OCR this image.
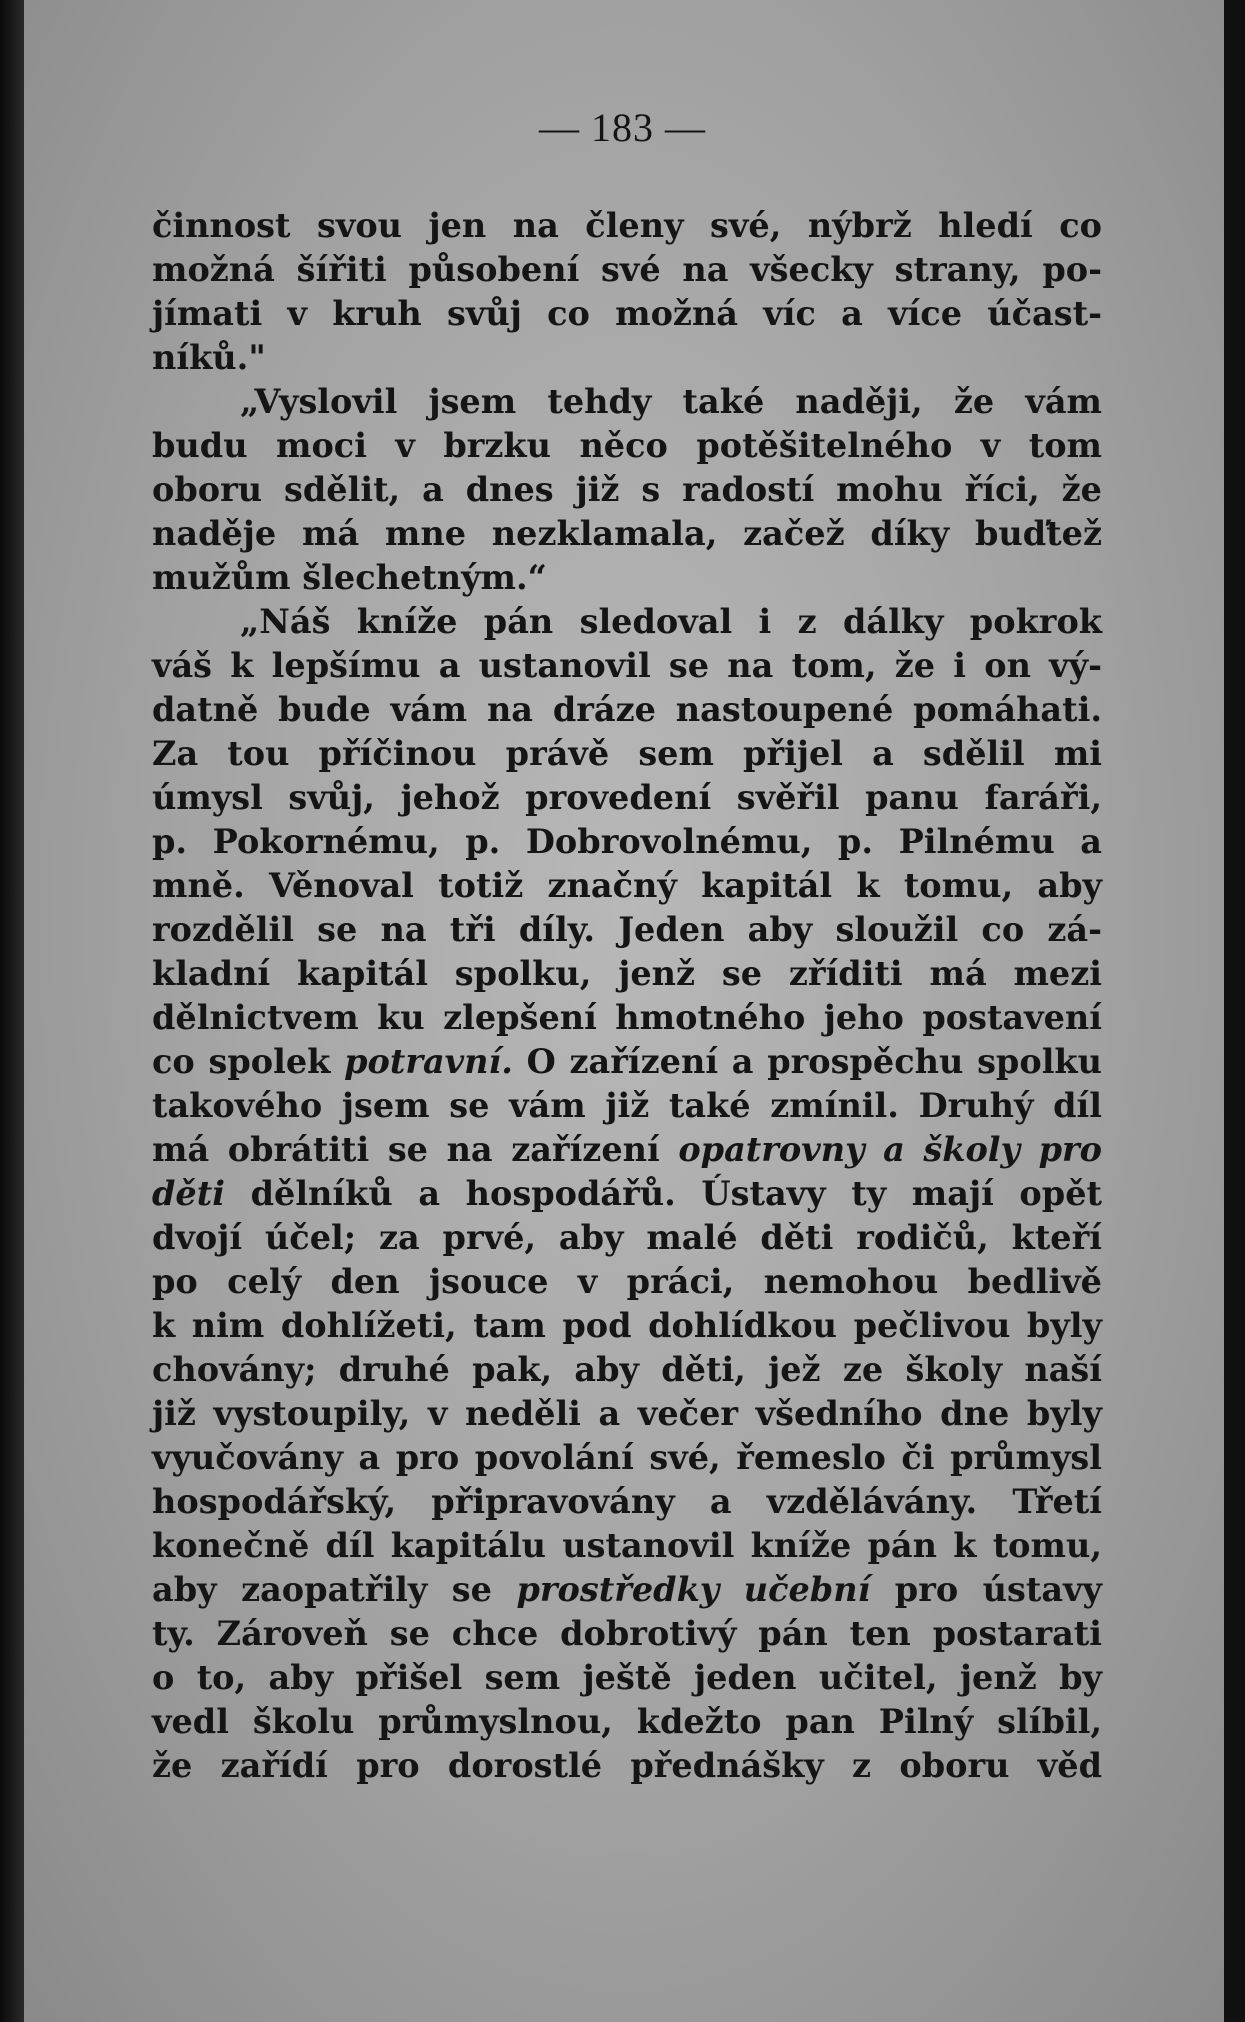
— 183 —
činnost svou jen na členy své, nýbrž hledí co
možná šířiti působení své na všecky strany, po-
jímati v kruh svůj co možná víc a více účast-
níků."
„Vyslovil jsem tehdy také naději, že vám
budu moci v brzku něco potěšitelného v tom
oboru sdělit, a dnes již s radostí mohu říci, že
naděje má mne nezklamala, začež díky buďtež
mužům šlechetným.“
„Náš kníže pán sledoval i z dálky pokrok
váš k lepšímu a ustanovil se na tom, že i on vý-
datně bude vám na dráze nastoupené pomáhati.
Za tou příčinou právě sem přijel a sdělil mi
úmysl svůj, jehož provedení svěřil panu faráři,
p. Pokornému, p. Dobrovolnému, p. Pilnému a
mně. Věnoval totiž značný kapitál k tomu, aby
rozdělil se na tři díly. Jeden aby sloužil co zá-
kladní kapitál spolku, jenž se zříditi má mezi
dělnictvem ku zlepšení hmotného jeho postavení
co spolek potravní. O zařízení a prospěchu spolku
takového jsem se vám již také zmínil. Druhý díl
má obrátiti se na zařízení opatrovny a školy pro
děti dělníků a hospodářů. Ústavy ty mají opět
dvojí účel; za prvé, aby malé děti rodičů, kteří
po celý den jsouce v práci, nemohou bedlivě
k nim dohlížeti, tam pod dohlídkou pečlivou byly
chovány; druhé pak, aby děti, jež ze školy naší
již vystoupily, v neděli a večer všedního dne byly
vyučovány a pro povolání své, řemeslo či průmysl
hospodářský, připravovány a vzdělávány. Třetí
konečně díl kapitálu ustanovil kníže pán k tomu,
aby zaopatřily se prostředky učební pro ústavy
ty. Zároveň se chce dobrotivý pán ten postarati
o to, aby přišel sem ještě jeden učitel, jenž by
vedl školu průmyslnou, kdežto pan Pilný slíbil,
že zařídí pro dorostlé přednášky z oboru věd
